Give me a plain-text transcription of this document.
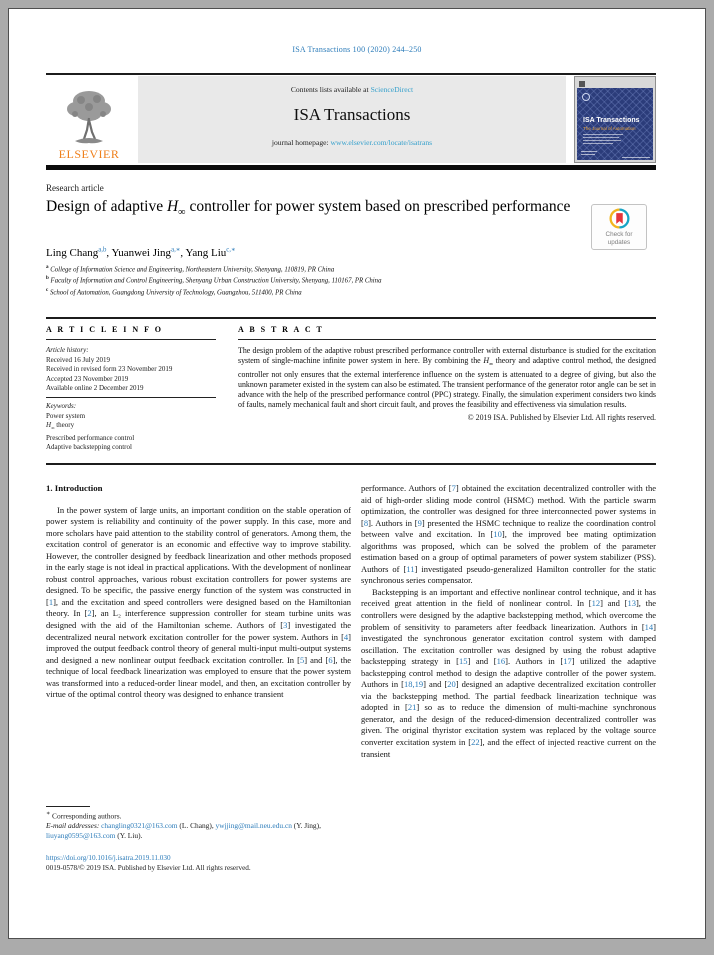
ISA Transactions 100 (2020) 244–250
ELSEVIER
Contents lists available at ScienceDirect
ISA Transactions
journal homepage: www.elsevier.com/locate/isatrans
ISA Transactions
The Journal of Automation
Research article
Design of adaptive $H_\infty$ controller for power system based on prescribed performance
Check for
updates
Ling Chang$^{a,b}$, Yuanwei Jing$^{a,∗}$, Yang Liu$^{c,∗}$
$^a$ College of Information Science and Engineering, Northeastern University, Shenyang, 110819, PR China
$^b$ Faculty of Information and Control Engineering, Shenyang Urban Construction University, Shenyang, 110167, PR China
$^c$ School of Automation, Guangdong University of Technology, Guangzhou, 511400, PR China
A R T I C L E I N F O
Article history:
Received 16 July 2019
Received in revised form 23 November 2019
Accepted 23 November 2019
Available online 2 December 2019
Keywords:
Power system
$H_\infty$ theory
Prescribed performance control
Adaptive backstepping control
A B S T R A C T
The design problem of the adaptive robust prescribed performance controller with external disturbance is studied for the excitation system of single-machine infinite power system in here. By combining the $H_\infty$ theory and adaptive control method, the designed controller not only ensures that the external interference influence on the system is attenuated to a degree of giving, but also the unknown parameter existed in the system can also be estimated. The transient performance of the generator rotor angle can be set in advance with the help of the prescribed performance control (PPC) strategy. Finally, the simulation experiment considers two kinds of faults, namely mechanical fault and short circuit fault, and proves the feasibility and effectiveness via simulation results.
© 2019 ISA. Published by Elsevier Ltd. All rights reserved.
1. Introduction

In the power system of large units, an important condition on the stable operation of power system is reliability and continuity of the power supply. In this case, more and more scholars have paid attention to the stability control of generators. Among them, the excitation control of generator is an economic and effective way to improve stability. However, the controller designed by feedback linearization and other methods proposed in the early stage is not ideal in practical applications. With the development of nonlinear robust control approaches, various robust excitation controllers for power systems are designed. To be specific, the passive energy function of the system was constructed in [1], and the excitation and speed controllers were designed based on the Hamiltonian theory. In [2], an L₂ interference suppression controller for steam turbine units was designed with the aid of the Hamiltonian scheme. Authors of [3] investigated the decentralized neural network excitation controller for the power system. Authors in [4] improved the output feedback control theory of general multi-input multi-output systems and designed a new nonlinear output feedback excitation controller. In [5] and [6], the technique of local feedback linearization was employed to ensure that the power system was transformed into a reduced-order linear model, and then, an excitation controller by virtue of the optimal control theory was designed to enhance transient

performance. Authors of [7] obtained the excitation decentralized controller with the aid of high-order sliding mode control (HSMC) method. With the particle swarm optimization, the controller was designed for three interconnected power systems in [8]. Authors in [9] presented the HSMC technique to realize the coordination control between valve and excitation. In [10], the improved bee mating optimization algorithms was proposed, which can be solved the problem of the parameter estimation based on a group of optimal parameters of power system stabilizer (PSS). Authors of [11] investigated pseudo-generalized Hamilton controller for the static synchronous series compensator.

Backstepping is an important and effective nonlinear control technique, and it has received great attention in the field of nonlinear control. In [12] and [13], the controllers were designed by the adaptive backstepping method, which overcome the problem of sensitivity to parameters after feedback linearization. Authors in [14] investigated the synchronous generator excitation control system with damped oscillation. The excitation controller was designed by using the robust adaptive backstepping strategy in [15] and [16]. Authors in [17] utilized the adaptive backstepping control method to design the adaptive controller of the power system. Authors in [18,19] and [20] designed an adaptive decentralized excitation controller via the backstepping method. The partial feedback linearization technique was adopted in [21] so as to reduce the dimension of multi-machine synchronous generator, and the design of the reduced-dimension decentralized controller was given. The original thyristor excitation system was replaced by the voltage source converter excitation system in [22], and the effect of injected reactive current on the transient

∗ Corresponding authors.
E-mail addresses: changling0321@163.com (L. Chang), ywjjing@mail.neu.edu.cn (Y. Jing), liuyang0595@163.com (Y. Liu).
https://doi.org/10.1016/j.isatra.2019.11.030
0019-0578/© 2019 ISA. Published by Elsevier Ltd. All rights reserved.
